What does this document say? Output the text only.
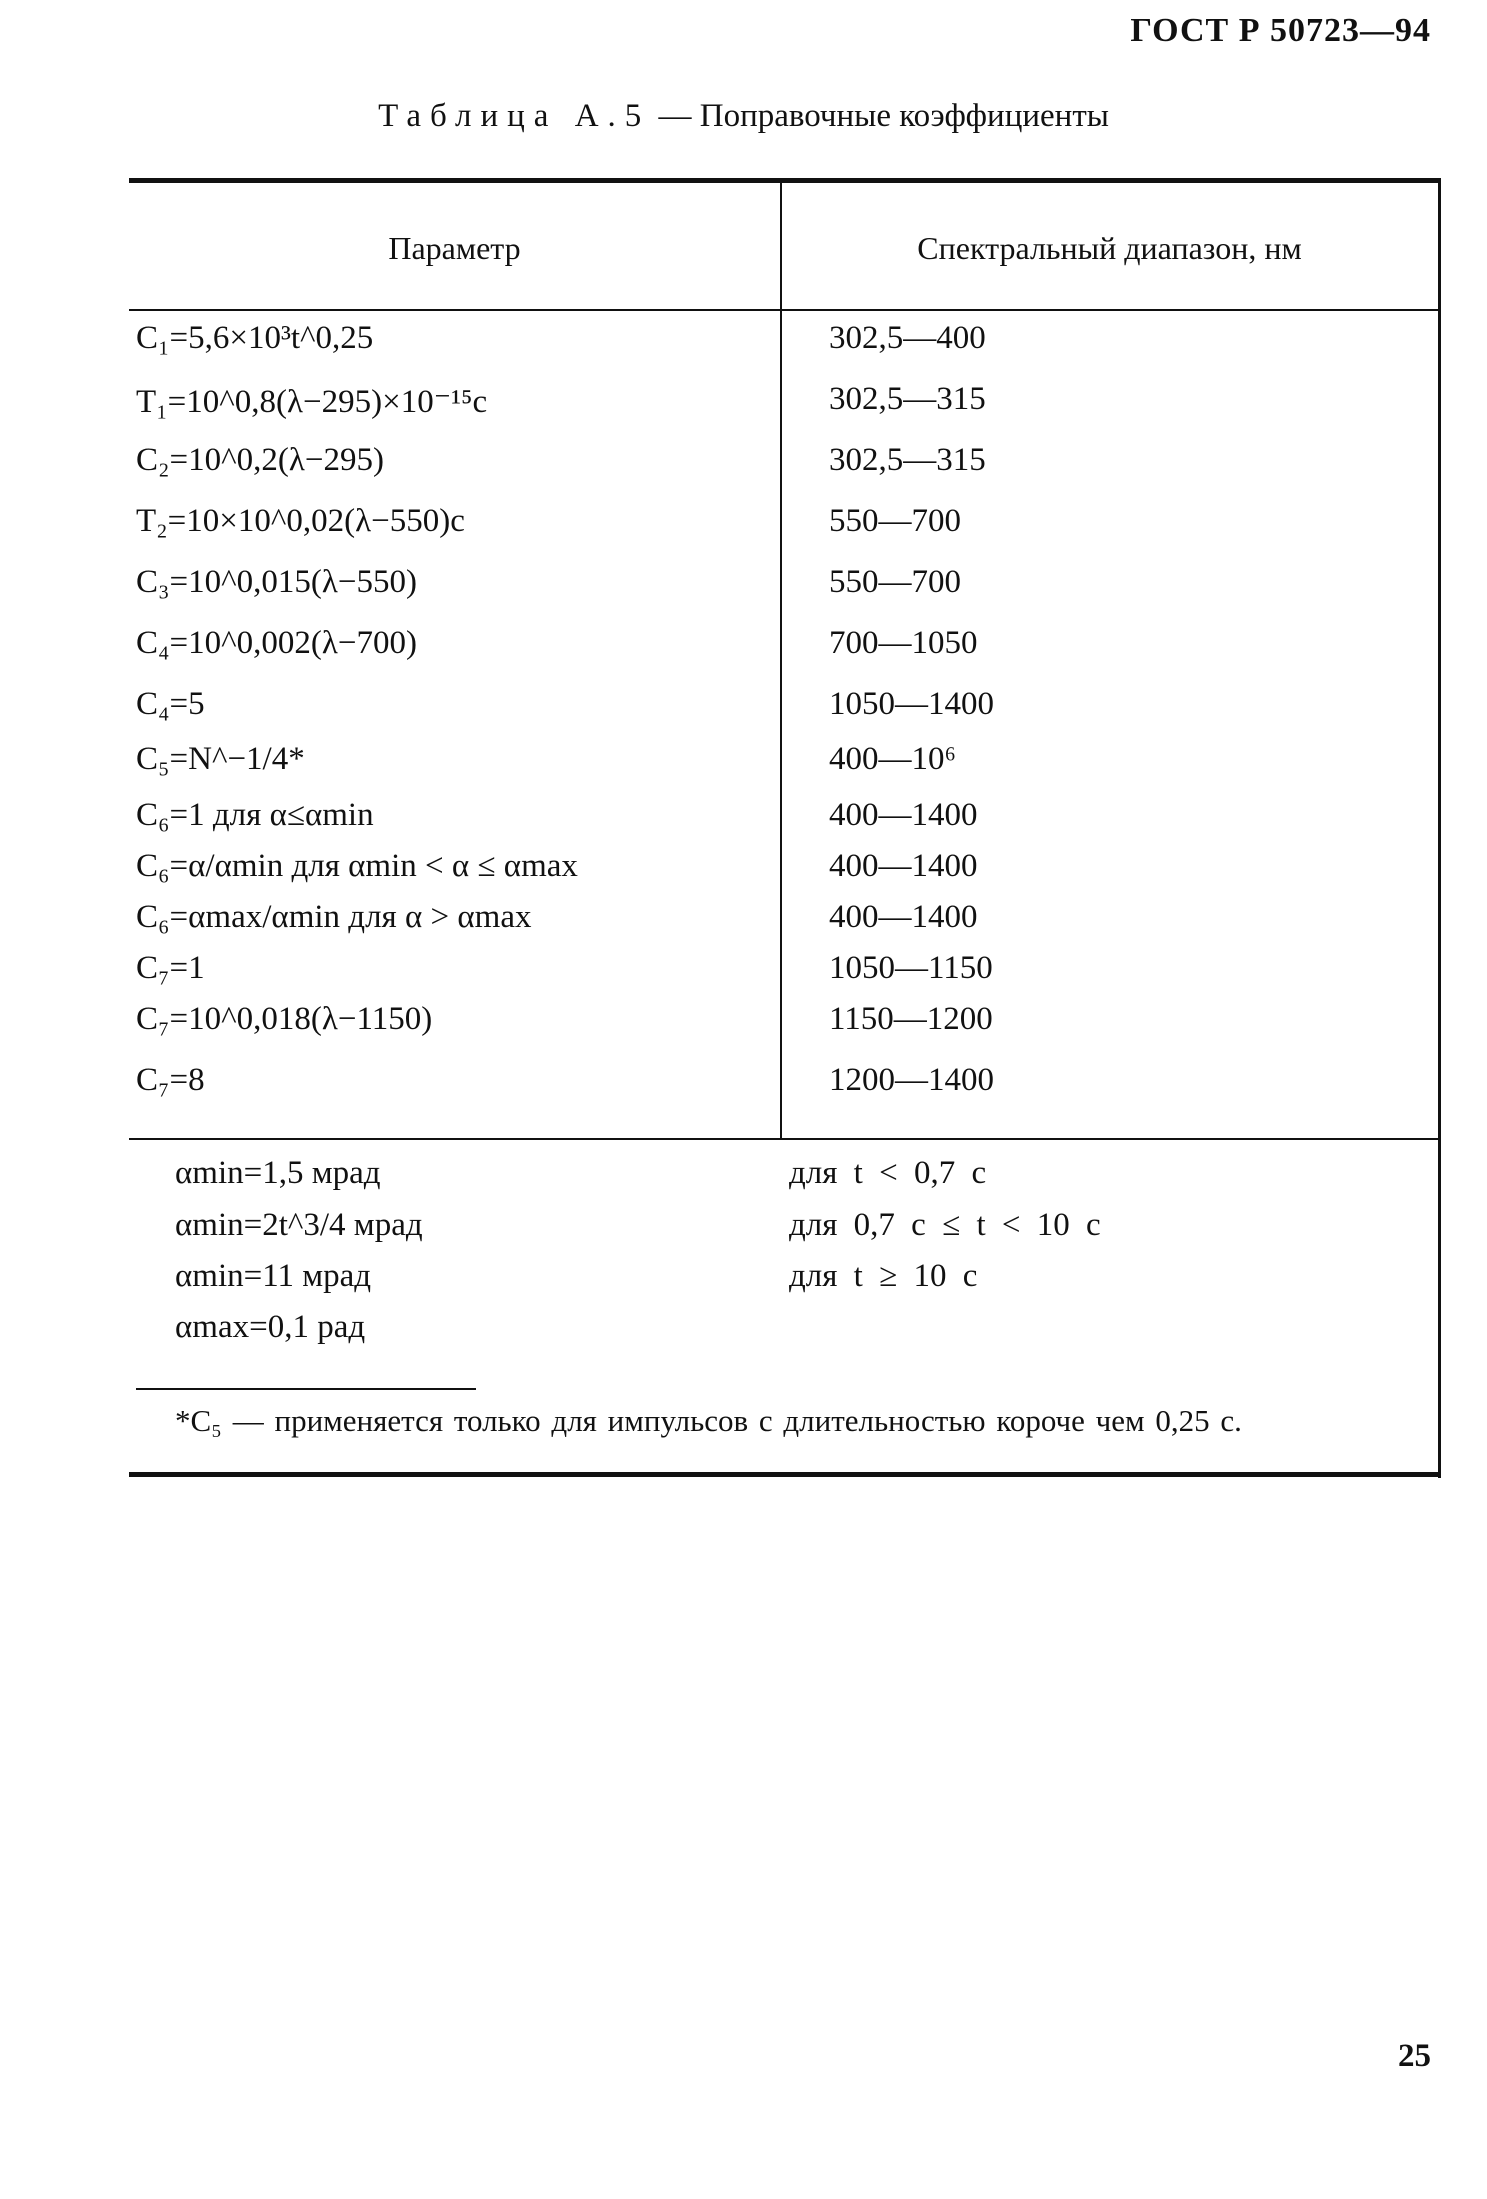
ГОСТ Р 50723—94
Таблица А.5 — Поправочные коэффициенты
Параметр	Спектральный диапазон, нм
C₁=5,6×10³t^0,25	302,5—400
T₁=10^0,8(λ−295)×10⁻¹⁵c	302,5—315
C₂=10^0,2(λ−295)	302,5—315
T₂=10×10^0,02(λ−550)c	550—700
C₃=10^0,015(λ−550)	550—700
C₄=10^0,002(λ−700)	700—1050
C₄=5	1050—1400
C₅=N^−1/4*	400—10⁶
C₆=1 для α≤αmin	400—1400
C₆=α/αmin для αmin < α ≤ αmax	400—1400
C₆=αmax/αmin для α > αmax	400—1400
C₇=1	1050—1150
C₇=10^0,018(λ−1150)	1150—1200
C₇=8	1200—1400
αmin=1,5 мрад	для t < 0,7 с
αmin=2t^3/4 мрад	для 0,7 с ≤ t < 10 с
αmin=11 мрад	для t ≥ 10 с
αmax=0,1 рад
*C₅ — применяется только для импульсов с длительностью короче чем 0,25 с.
25
